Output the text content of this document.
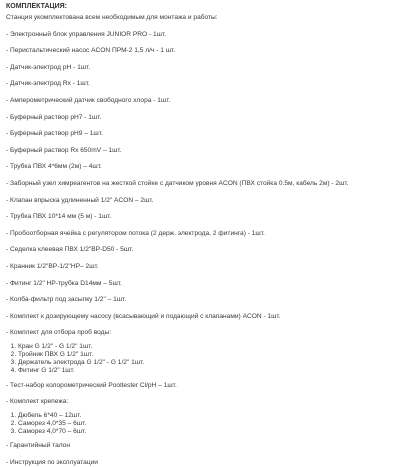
КОМПЛЕКТАЦИЯ:
Станция укомплектована всем необходимым для монтажа и работы:
- Электронный блок управления JUNIOR PRO - 1шт.
- Перистальтический насос ACON ПРМ-2 1,5 л/ч - 1 шт.
- Датчик-электрод pH - 1шт.
- Датчик-электрод Rx - 1шт.
- Амперометрический датчик свободного хлора - 1шт.
- Буферный раствор pH7 - 1шт.
- Буферный раствор pH9 – 1шт.
- Буферный раствор Rx 650mV – 1шт.
- Трубка ПВХ 4*6мм (2м) – 4шт.
- Заборный узел химреагентов на жесткой стойке с датчиком уровня ACON (ПВХ стойка 0.5м, кабель 2м) - 2шт.
- Клапан впрыска удлиненный 1/2" ACON – 2шт.
- Трубка ПВХ 10*14 мм (5 м) - 1шт.
- Пробоотборная ячейка с регулятором потока (2 держ. электрода, 2 фитинга) - 1шт.
- Седелка клеевая ПВХ 1/2"ВР-D50 - 5шт.
- Кранник 1/2"ВР-1/2"НР– 2шт.
- Фитинг 1/2" НР-трубка D14мм – 5шт.
- Колба-фильтр под засыпку 1/2" – 1шт.
- Комплект к дозирующему насосу (всасывающий и подающий с клапанами) ACON - 1шт.
- Комплект для отбора проб воды:
1. Кран G 1/2" - G 1/2" 1шт.
2. Тройник ПВХ G 1/2" 1шт.
3. Держатель электрода G 1/2" - G 1/2" 1шт.
4. Фитинг G 1/2" 1шт.
- Тест-набор колорометрический Pooltester Cl/pH – 1шт.
- Комплект крепежа:
1. Дюбель 6*40 – 12шт.
2. Саморез 4,0*35 – 6шт.
3. Саморез 4,0*70 – 6шт.
- Гарантийный талон
- Инструкция по эксплуатации
